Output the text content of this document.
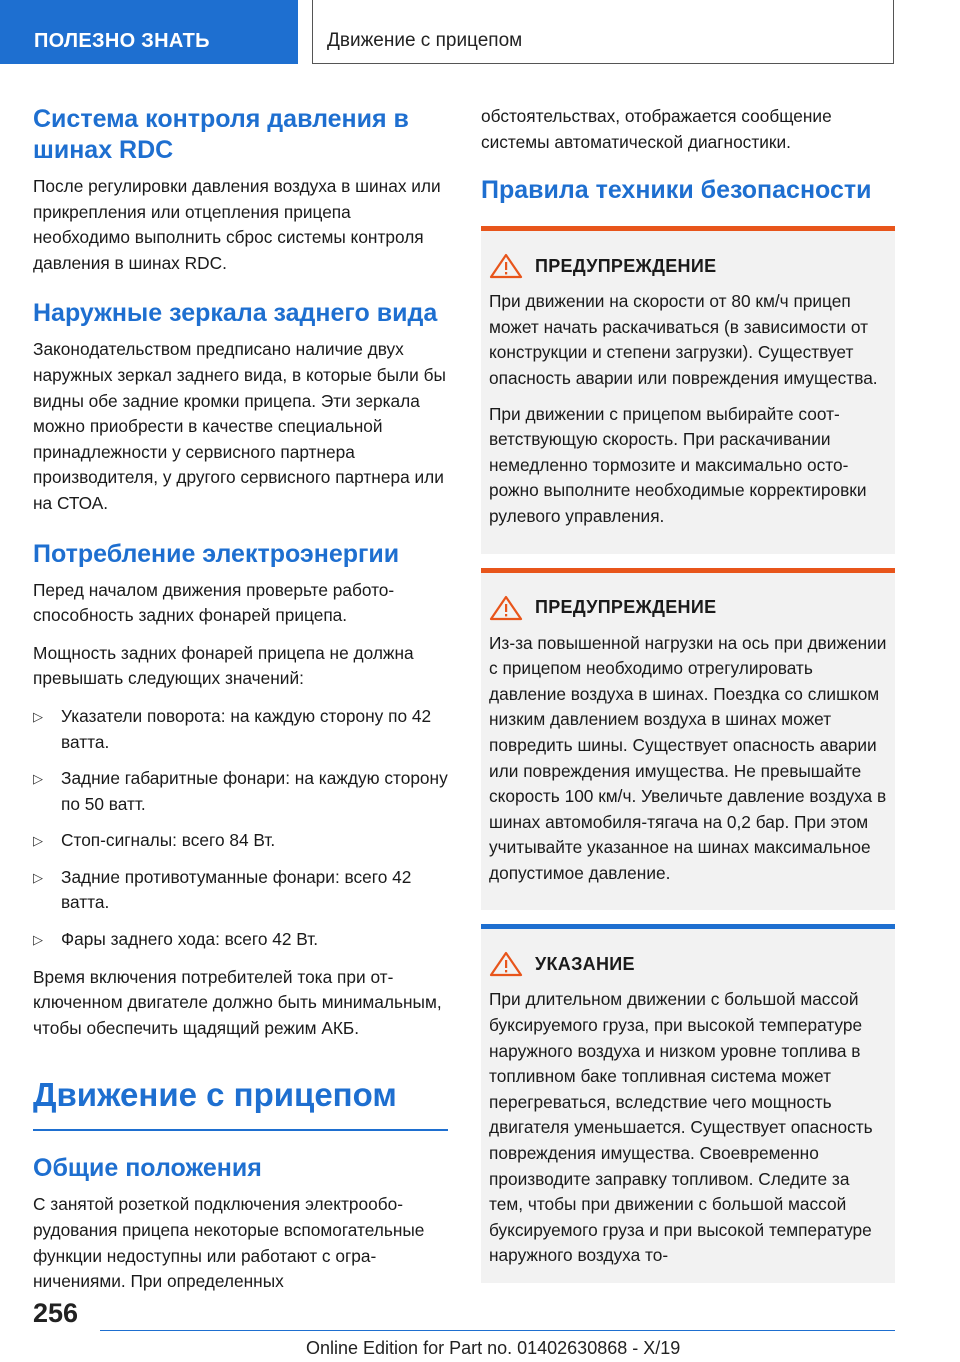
ПОЛЕЗНО ЗНАТЬ	Движение с прицепом
Система контроля давления в шинах RDC

После регулировки давления воздуха в шинах или прикрепления или отцепления прицепа необходимо выполнить сброс системы контроля давления в шинах RDC.

Наружные зеркала заднего вида

Законодательством предписано наличие двух наружных зеркал заднего вида, в которые были бы видны обе задние кромки прицепа. Эти зеркала можно приобрести в качестве специальной принадлежности у сервисного партнера производителя, у другого сервисного партнера или на СТОА.

Потребление электроэнергии

Перед началом движения проверьте работоспособность задних фонарей прицепа.

Мощность задних фонарей прицепа не должна превышать следующих значений:

▷ Указатели поворота: на каждую сторону по 42 ватта.
▷ Задние габаритные фонари: на каждую сторону по 50 ватт.
▷ Стоп-сигналы: всего 84 Вт.
▷ Задние противотуманные фонари: всего 42 ватта.
▷ Фары заднего хода: всего 42 Вт.

Время включения потребителей тока при отключенном двигателе должно быть минимальным, чтобы обеспечить щадящий режим АКБ.

Движение с прицепом
Общие положения

С занятой розеткой подключения электрооборудования прицепа некоторые вспомогательные функции недоступны или работают с ограничениями. При определенных

обстоятельствах, отображается сообщение системы автоматической диагностики.

Правила техники безопасности
ПРЕДУПРЕЖДЕНИЕ

При движении на скорости от 80 км/ч прицеп может начать раскачиваться (в зависимости от конструкции и степени загрузки). Существует опасность аварии или повреждения имущества.

При движении с прицепом выбирайте соответствующую скорость. При раскачивании немедленно тормозите и максимально осторожно выполните необходимые корректировки рулевого управления.

ПРЕДУПРЕЖДЕНИЕ

Из-за повышенной нагрузки на ось при движении с прицепом необходимо отрегулировать давление воздуха в шинах. Поездка со слишком низким давлением воздуха в шинах может повредить шины. Существует опасность аварии или повреждения имущества. Не превышайте скорость 100 км/ч. Увеличьте давление воздуха в шинах автомобиля-тягача на 0,2 бар. При этом учитывайте указанное на шинах максимальное допустимое давление.

УКАЗАНИЕ

При длительном движении с большой массой буксируемого груза, при высокой температуре наружного воздуха и низком уровне топлива в топливном баке топливная система может перегреваться, вследствие чего мощность двигателя уменьшается. Существует опасность повреждения имущества. Своевременно производите заправку топливом. Следите за тем, чтобы при движении с большой массой буксируемого груза и при высокой температуре наружного воздуха то-

256
Online Edition for Part no. 01402630868 - X/19
